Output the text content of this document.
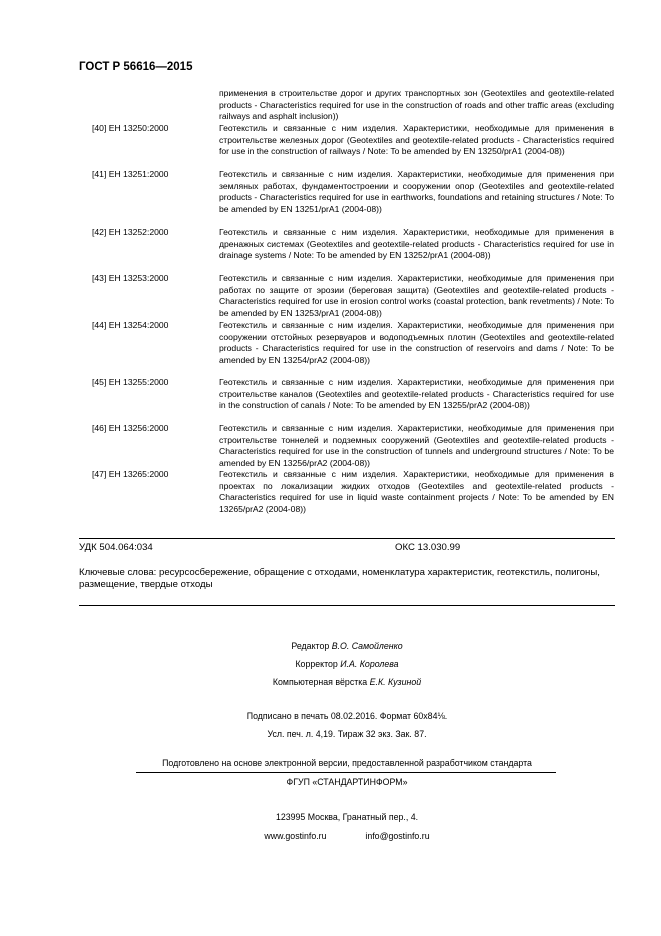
ГОСТ Р 56616—2015
применения в строительстве дорог и других транспортных зон (Geotextiles and geotextile-related products - Characteristics required for use in the construction of roads and other traffic areas (excluding railways and asphalt inclusion))
[40] ЕН 13250:2000	Геотекстиль и связанные с ним изделия. Характеристики, необходимые для применения в строительстве железных дорог (Geotextiles and geotextile-related products - Characteristics required for use in the construction of railways / Note: To be amended by EN 13250/prA1 (2004-08))
[41] ЕН 13251:2000	Геотекстиль и связанные с ним изделия. Характеристики, необходимые для применения при земляных работах, фундаментостроении и сооружении опор (Geotextiles and geotextile-related products - Characteristics required for use in earthworks, foundations and retaining structures / Note: To be amended by EN 13251/prA1 (2004-08))
[42] ЕН 13252:2000	Геотекстиль и связанные с ним изделия. Характеристики, необходимые для применения в дренажных системах (Geotextiles and geotextile-related products - Characteristics required for use in drainage systems / Note: To be amended by EN 13252/prA1 (2004-08))
[43] ЕН 13253:2000	Геотекстиль и связанные с ним изделия. Характеристики, необходимые для применения при работах по защите от эрозии (береговая защита) (Geotextiles and geotextile-related products - Characteristics required for use in erosion control works (coastal protection, bank revetments) / Note: To be amended by EN 13253/prA1 (2004-08))
[44] ЕН 13254:2000	Геотекстиль и связанные с ним изделия. Характеристики, необходимые для применения при сооружении отстойных резервуаров и водоподъемных плотин (Geotextiles and geotextile-related products - Characteristics required for use in the construction of reservoirs and dams / Note: To be amended by EN 13254/prA2 (2004-08))
[45] ЕН 13255:2000	Геотекстиль и связанные с ним изделия. Характеристики, необходимые для применения при строительстве каналов (Geotextiles and geotextile-related products - Characteristics required for use in the construction of canals / Note: To be amended by EN 13255/prA2 (2004-08))
[46] ЕН 13256:2000	Геотекстиль и связанные с ним изделия. Характеристики, необходимые для применения при строительстве тоннелей и подземных сооружений (Geotextiles and geotextile-related products - Characteristics required for use in the construction of tunnels and underground structures / Note: To be amended by EN 13256/prA2 (2004-08))
[47] ЕН 13265:2000	Геотекстиль и связанные с ним изделия. Характеристики, необходимые для применения в проектах по локализации жидких отходов (Geotextiles and geotextile-related products - Characteristics required for use in liquid waste containment projects / Note: To be amended by EN 13265/prA2 (2004-08))
УДК 504.064:034	ОКС 13.030.99
Ключевые слова: ресурсосбережение, обращение с отходами, номенклатура характеристик, геотекстиль, полигоны, размещение, твердые отходы
Редактор В.О. Самойленко
Корректор И.А. Королева
Компьютерная вёрстка Е.К. Кузиной
Подписано в печать 08.02.2016. Формат 60х84⅛.
Усл. печ. л. 4,19. Тираж 32 экз. Зак. 87.
Подготовлено на основе электронной версии, предоставленной разработчиком стандарта
ФГУП «СТАНДАРТИНФОРМ»
123995 Москва, Гранатный пер., 4.
www.gostinfo.ru	info@gostinfo.ru
